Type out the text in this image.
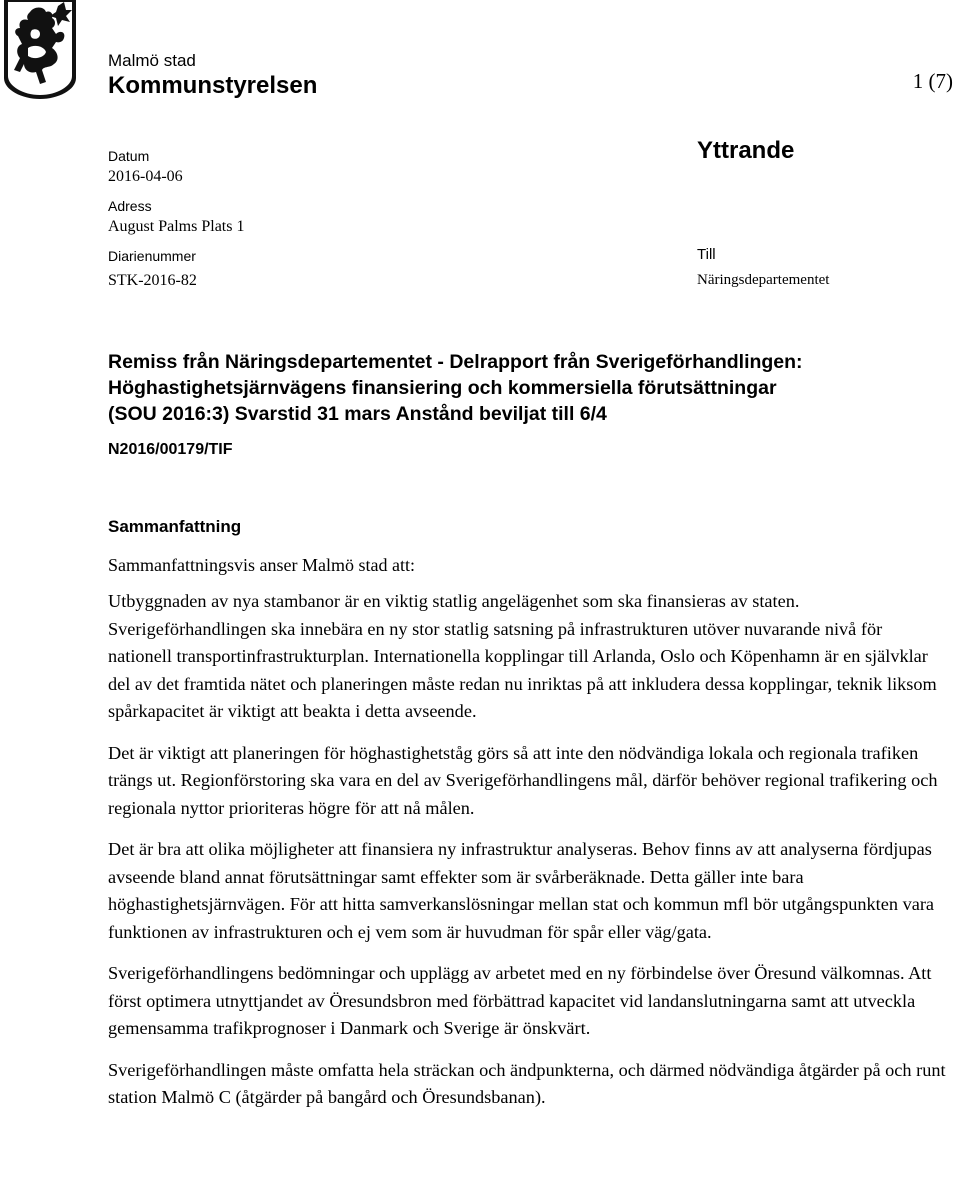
Malmö stad
Kommunstyrelsen	1 (7)
Datum
2016-04-06
Adress
August Palms Plats 1
Diarienummer
STK-2016-82
Yttrande
Till
Näringsdepartementet
Remiss från Näringsdepartementet - Delrapport från Sverigeförhandlingen:
Höghastighetsjärnvägens finansiering och kommersiella förutsättningar
(SOU 2016:3) Svarstid 31 mars Anstånd beviljat till 6/4
N2016/00179/TIF
Sammanfattning
Sammanfattningsvis anser Malmö stad att:

Utbyggnaden av nya stambanor är en viktig statlig angelägenhet som ska finansieras av staten. Sverigeförhandlingen ska innebära en ny stor statlig satsning på infrastrukturen utöver nuvarande nivå för nationell transportinfrastrukturplan. Internationella kopplingar till Arlanda, Oslo och Köpenhamn är en självklar del av det framtida nätet och planeringen måste redan nu inriktas på att inkludera dessa kopplingar, teknik liksom spårkapacitet är viktigt att beakta i detta avseende.

Det är viktigt att planeringen för höghastighetståg görs så att inte den nödvändiga lokala och regionala trafiken trängs ut. Regionförstoring ska vara en del av Sverigeförhandlingens mål, därför behöver regional trafikering och regionala nyttor prioriteras högre för att nå målen.

Det är bra att olika möjligheter att finansiera ny infrastruktur analyseras. Behov finns av att analyserna fördjupas avseende bland annat förutsättningar samt effekter som är svårberäknade. Detta gäller inte bara höghastighetsjärnvägen. För att hitta samverkanslösningar mellan stat och kommun mfl bör utgångspunkten vara funktionen av infrastrukturen och ej vem som är huvudman för spår eller väg/gata.

Sverigeförhandlingens bedömningar och upplägg av arbetet med en ny förbindelse över Öresund välkomnas. Att först optimera utnyttjandet av Öresundsbron med förbättrad kapacitet vid landanslutningarna samt att utveckla gemensamma trafikprognoser i Danmark och Sverige är önskvärt.

Sverigeförhandlingen måste omfatta hela sträckan och ändpunkterna, och därmed nödvändiga åtgärder på och runt station Malmö C (åtgärder på bangård och Öresundsbanan).
